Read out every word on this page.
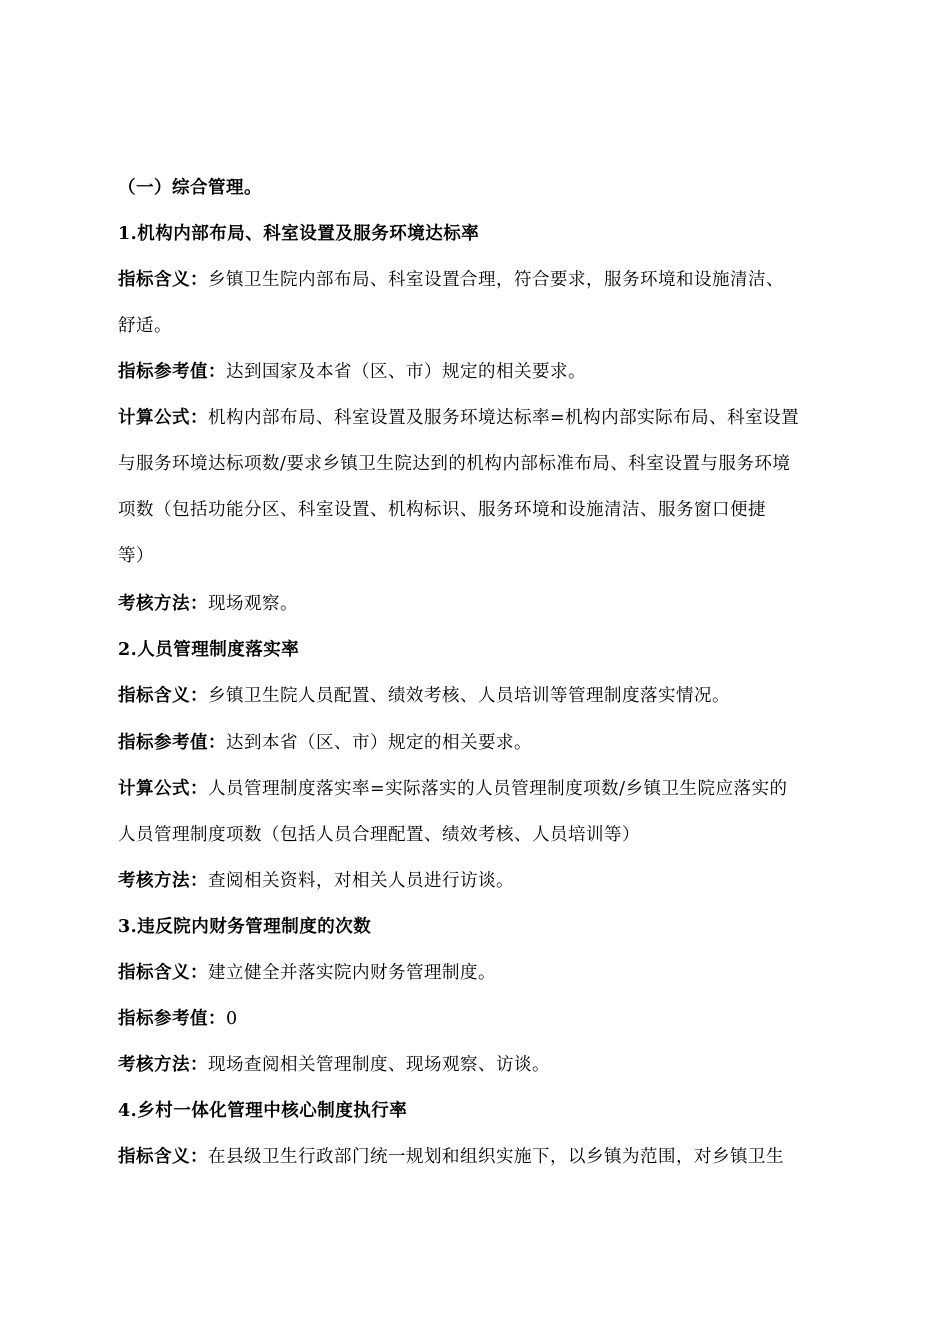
（一）综合管理。
1.机构内部布局、科室设置及服务环境达标率
指标含义：乡镇卫生院内部布局、科室设置合理，符合要求，服务环境和设施清洁、
舒适。
指标参考值：达到国家及本省（区、市）规定的相关要求。
计算公式：机构内部布局、科室设置及服务环境达标率=机构内部实际布局、科室设置
与服务环境达标项数/要求乡镇卫生院达到的机构内部标准布局、科室设置与服务环境
项数（包括功能分区、科室设置、机构标识、服务环境和设施清洁、服务窗口便捷
等）
考核方法：现场观察。
2.人员管理制度落实率
指标含义：乡镇卫生院人员配置、绩效考核、人员培训等管理制度落实情况。
指标参考值：达到本省（区、市）规定的相关要求。
计算公式：人员管理制度落实率=实际落实的人员管理制度项数/乡镇卫生院应落实的
人员管理制度项数（包括人员合理配置、绩效考核、人员培训等）
考核方法：查阅相关资料，对相关人员进行访谈。
3.违反院内财务管理制度的次数
指标含义：建立健全并落实院内财务管理制度。
指标参考值：0
考核方法：现场查阅相关管理制度、现场观察、访谈。
4.乡村一体化管理中核心制度执行率
指标含义：在县级卫生行政部门统一规划和组织实施下，以乡镇为范围，对乡镇卫生
